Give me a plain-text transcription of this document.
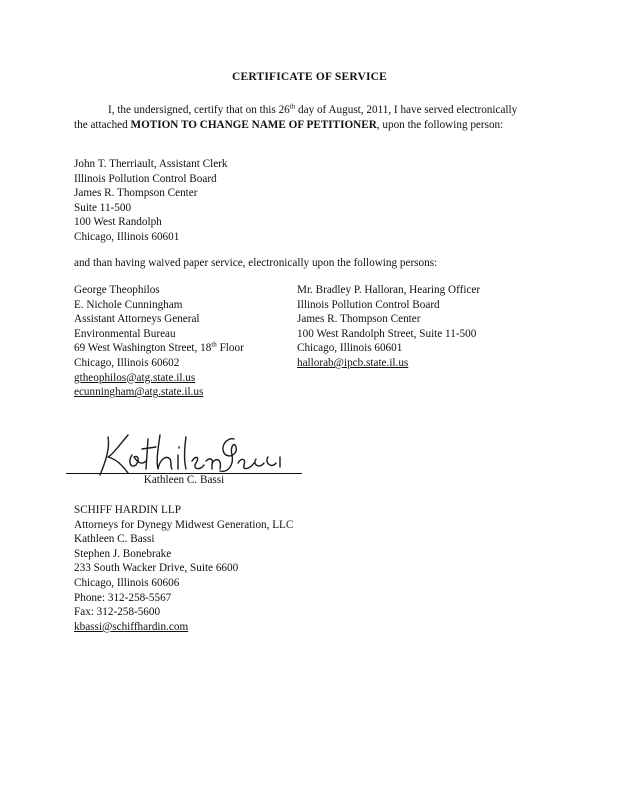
CERTIFICATE OF SERVICE
I, the undersigned, certify that on this 26th day of August, 2011, I have served electronically the attached MOTION TO CHANGE NAME OF PETITIONER, upon the following person:
John T. Therriault, Assistant Clerk
Illinois Pollution Control Board
James R. Thompson Center
Suite 11-500
100 West Randolph
Chicago, Illinois 60601
and than having waived paper service, electronically upon the following persons:
George Theophilos
E. Nichole Cunningham
Assistant Attorneys General
Environmental Bureau
69 West Washington Street, 18th Floor
Chicago, Illinois 60602
gtheophilos@atg.state.il.us
ecunningham@atg.state.il.us
Mr. Bradley P. Halloran, Hearing Officer
Illinois Pollution Control Board
James R. Thompson Center
100 West Randolph Street, Suite 11-500
Chicago, Illinois 60601
hallorab@ipcb.state.il.us
Kathleen C. Bassi
SCHIFF HARDIN LLP
Attorneys for Dynegy Midwest Generation, LLC
Kathleen C. Bassi
Stephen J. Bonebrake
233 South Wacker Drive, Suite 6600
Chicago, Illinois 60606
Phone: 312-258-5567
Fax: 312-258-5600
kbassi@schiffhardin.com
